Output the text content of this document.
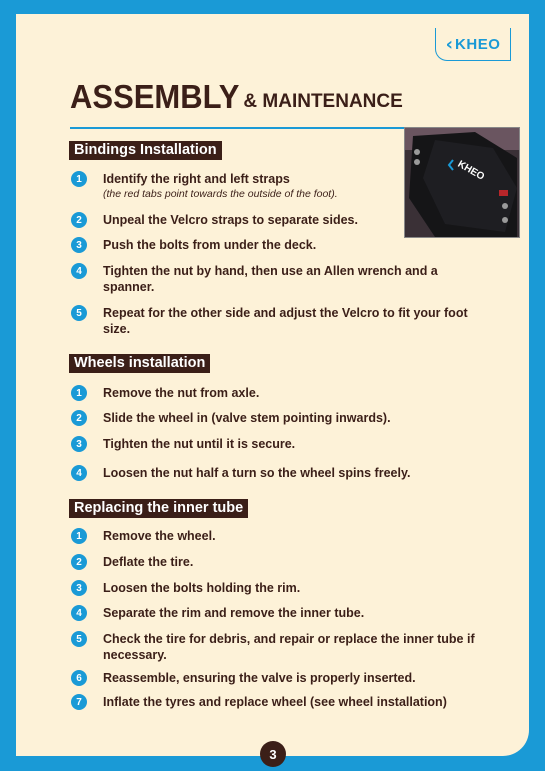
‹ KHEO
ASSEMBLY & MAINTENANCE
KHEO
Bindings Installation
1	Identify the right and left straps
(the red tabs point towards the outside of the foot).
2	Unpeal the Velcro straps to separate sides.
3	Push the bolts from under the deck.
4	Tighten the nut by hand, then use an Allen wrench and a spanner.
5	Repeat for the other side and adjust the Velcro to fit your foot size.
Wheels installation
1	Remove the nut from axle.
2	Slide the wheel in (valve stem pointing inwards).
3	Tighten the nut until it is secure.
4	Loosen the nut half a turn so the wheel spins freely.
Replacing the inner tube
1	Remove the wheel.
2	Deflate the tire.
3	Loosen the bolts holding the rim.
4	Separate the rim and remove the inner tube.
5	Check the tire for debris, and repair or replace the inner tube if necessary.
6	Reassemble, ensuring the valve is properly inserted.
7	Inflate the tyres and replace wheel (see wheel installation)
3
